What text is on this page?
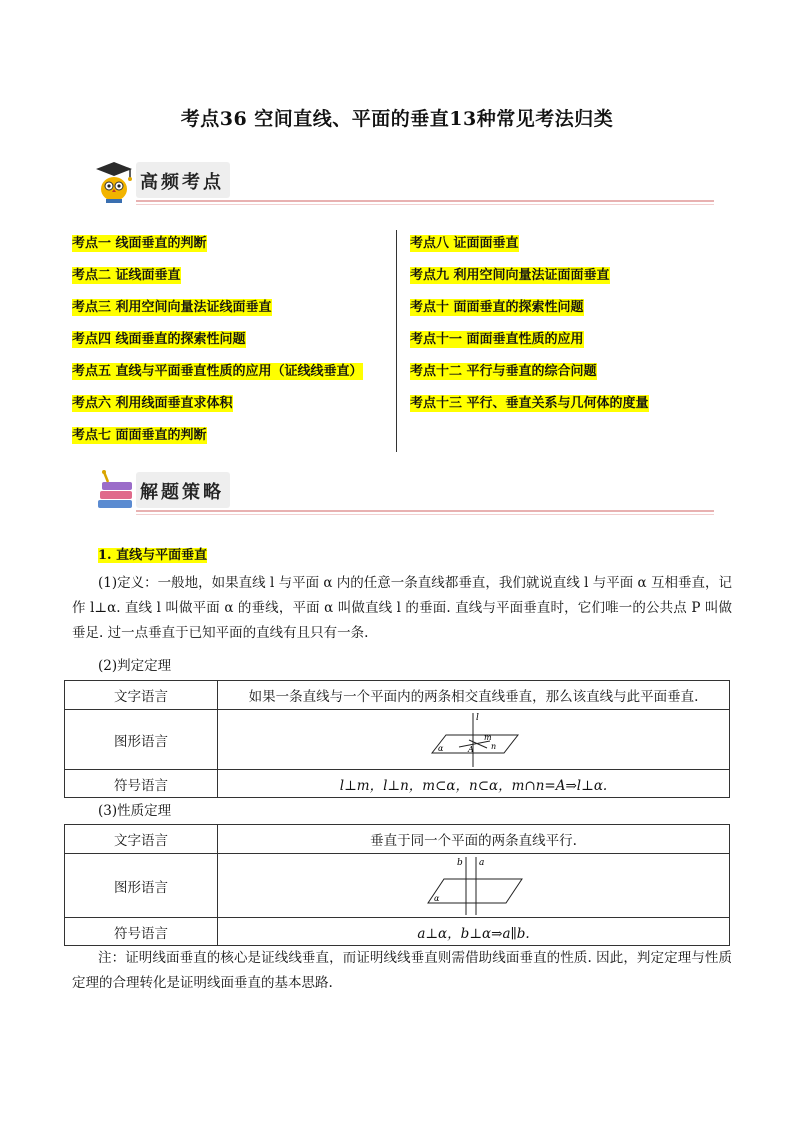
考点36 空间直线、平面的垂直13种常见考法归类
高频考点
考点一 线面垂直的判断
考点二 证线面垂直
考点三 利用空间向量法证线面垂直
考点四 线面垂直的探索性问题
考点五 直线与平面垂直性质的应用（证线线垂直）
考点六 利用线面垂直求体积
考点七 面面垂直的判断
考点八 证面面垂直
考点九 利用空间向量法证面面垂直
考点十 面面垂直的探索性问题
考点十一 面面垂直性质的应用
考点十二 平行与垂直的综合问题
考点十三 平行、垂直关系与几何体的度量
解题策略
1. 直线与平面垂直
(1)定义：一般地，如果直线 l 与平面 α 内的任意一条直线都垂直，我们就说直线 l 与平面 α 互相垂直，记作 l⊥α. 直线 l 叫做平面 α 的垂线，平面 α 叫做直线 l 的垂面. 直线与平面垂直时，它们唯一的公共点 P 叫做垂足. 过一点垂直于已知平面的直线有且只有一条.
(2)判定定理
文字语言	如果一条直线与一个平面内的两条相交直线垂直，那么该直线与此平面垂直.
图形语言	l
m
n
A
α

符号语言	l⊥m，l⊥n，m⊂α，n⊂α，m∩n=A⇒l⊥α.
(3)性质定理
文字语言	垂直于同一个平面的两条直线平行.
图形语言	b a
α

符号语言	a⊥α，b⊥α⇒a∥b.
注：证明线面垂直的核心是证线线垂直，而证明线线垂直则需借助线面垂直的性质. 因此，判定定理与性质定理的合理转化是证明线面垂直的基本思路.
